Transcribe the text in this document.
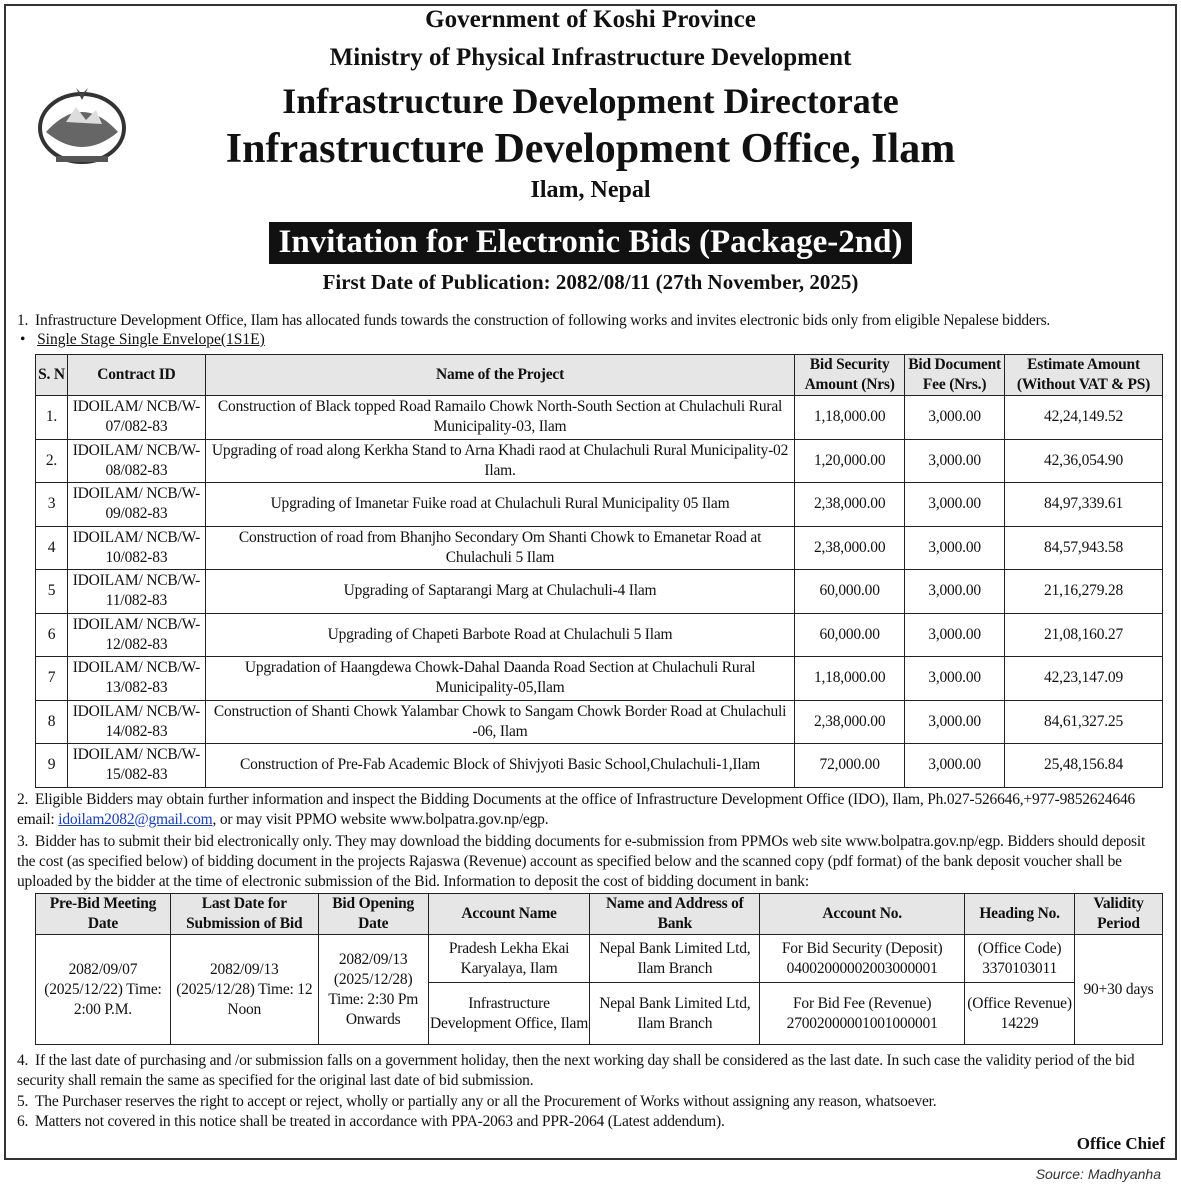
Government of Koshi Province
Ministry of Physical Infrastructure Development
Infrastructure Development Directorate
Infrastructure Development Office, Ilam
Ilam, Nepal
Invitation for Electronic Bids (Package-2nd)
First Date of Publication: 2082/08/11 (27th November, 2025)

1. Infrastructure Development Office, Ilam has allocated funds towards the construction of following works and invites electronic bids only from eligible Nepalese bidders.

•   Single Stage Single Envelope(1S1E)
S. N	Contract ID	Name of the Project	Bid Security Amount (Nrs)	Bid Document Fee (Nrs.)	Estimate Amount (Without VAT & PS)
1.	IDOILAM/ NCB/W-07/082-83	Construction of Black topped Road Ramailo Chowk North-South Section at Chulachuli Rural Municipality-03, Ilam	1,18,000.00	3,000.00	42,24,149.52
2.	IDOILAM/ NCB/W-08/082-83	Upgrading of road along Kerkha Stand to Arna Khadi raod at Chulachuli Rural Municipality-02 Ilam.	1,20,000.00	3,000.00	42,36,054.90
3	IDOILAM/ NCB/W-09/082-83	Upgrading of Imanetar Fuike road at Chulachuli Rural Municipality 05 Ilam	2,38,000.00	3,000.00	84,97,339.61
4	IDOILAM/ NCB/W-10/082-83	Construction of road from Bhanjho Secondary Om Shanti Chowk to Emanetar Road at Chulachuli 5 Ilam	2,38,000.00	3,000.00	84,57,943.58
5	IDOILAM/ NCB/W-11/082-83	Upgrading of Saptarangi Marg at Chulachuli-4 Ilam	60,000.00	3,000.00	21,16,279.28
6	IDOILAM/ NCB/W-12/082-83	Upgrading of Chapeti Barbote Road at Chulachuli 5 Ilam	60,000.00	3,000.00	21,08,160.27
7	IDOILAM/ NCB/W-13/082-83	Upgradation of Haangdewa Chowk-Dahal Daanda Road Section at Chulachuli Rural Municipality-05,Ilam	1,18,000.00	3,000.00	42,23,147.09
8	IDOILAM/ NCB/W-14/082-83	Construction of Shanti Chowk Yalambar Chowk to Sangam Chowk Border Road at Chulachuli -06, Ilam	2,38,000.00	3,000.00	84,61,327.25
9	IDOILAM/ NCB/W-15/082-83	Construction of Pre-Fab Academic Block of Shivjyoti Basic School,Chulachuli-1,Ilam	72,000.00	3,000.00	25,48,156.84

2. Eligible Bidders may obtain further information and inspect the Bidding Documents at the office of Infrastructure Development Office (IDO), Ilam, Ph.027-526646,+977-9852624646 email: idoilam2082@gmail.com, or may visit PPMO website www.bolpatra.gov.np/egp.

3. Bidder has to submit their bid electronically only. They may download the bidding documents for e-submission from PPMOs web site www.bolpatra.gov.np/egp. Bidders should deposit the cost (as specified below) of bidding document in the projects Rajaswa (Revenue) account as specified below and the scanned copy (pdf format) of the bank deposit voucher shall be uploaded by the bidder at the time of electronic submission of the Bid. Information to deposit the cost of bidding document in bank:

Pre-Bid Meeting Date	Last Date for Submission of Bid	Bid Opening Date	Account Name	Name and Address of Bank	Account No.	Heading No.	Validity Period
2082/09/07 (2025/12/22) Time: 2:00 P.M.	2082/09/13 (2025/12/28) Time: 12 Noon	2082/09/13 (2025/12/28) Time: 2:30 Pm Onwards	Pradesh Lekha Ekai Karyalaya, Ilam	Nepal Bank Limited Ltd, Ilam Branch	For Bid Security (Deposit) 04002000002003000001	(Office Code) 3370103011	90+30 days
			Infrastructure Development Office, Ilam	Nepal Bank Limited Ltd, Ilam Branch	For Bid Fee (Revenue) 27002000001001000001	(Office Revenue) 14229	

4. If the last date of purchasing and /or submission falls on a government holiday, then the next working day shall be considered as the last date. In such case the validity period of the bid security shall remain the same as specified for the original last date of bid submission.

5. The Purchaser reserves the right to accept or reject, wholly or partially any or all the Procurement of Works without assigning any reason, whatsoever.

6. Matters not covered in this notice shall be treated in accordance with PPA-2063 and PPR-2064 (Latest addendum).

Office Chief
Source: Madhyanha
